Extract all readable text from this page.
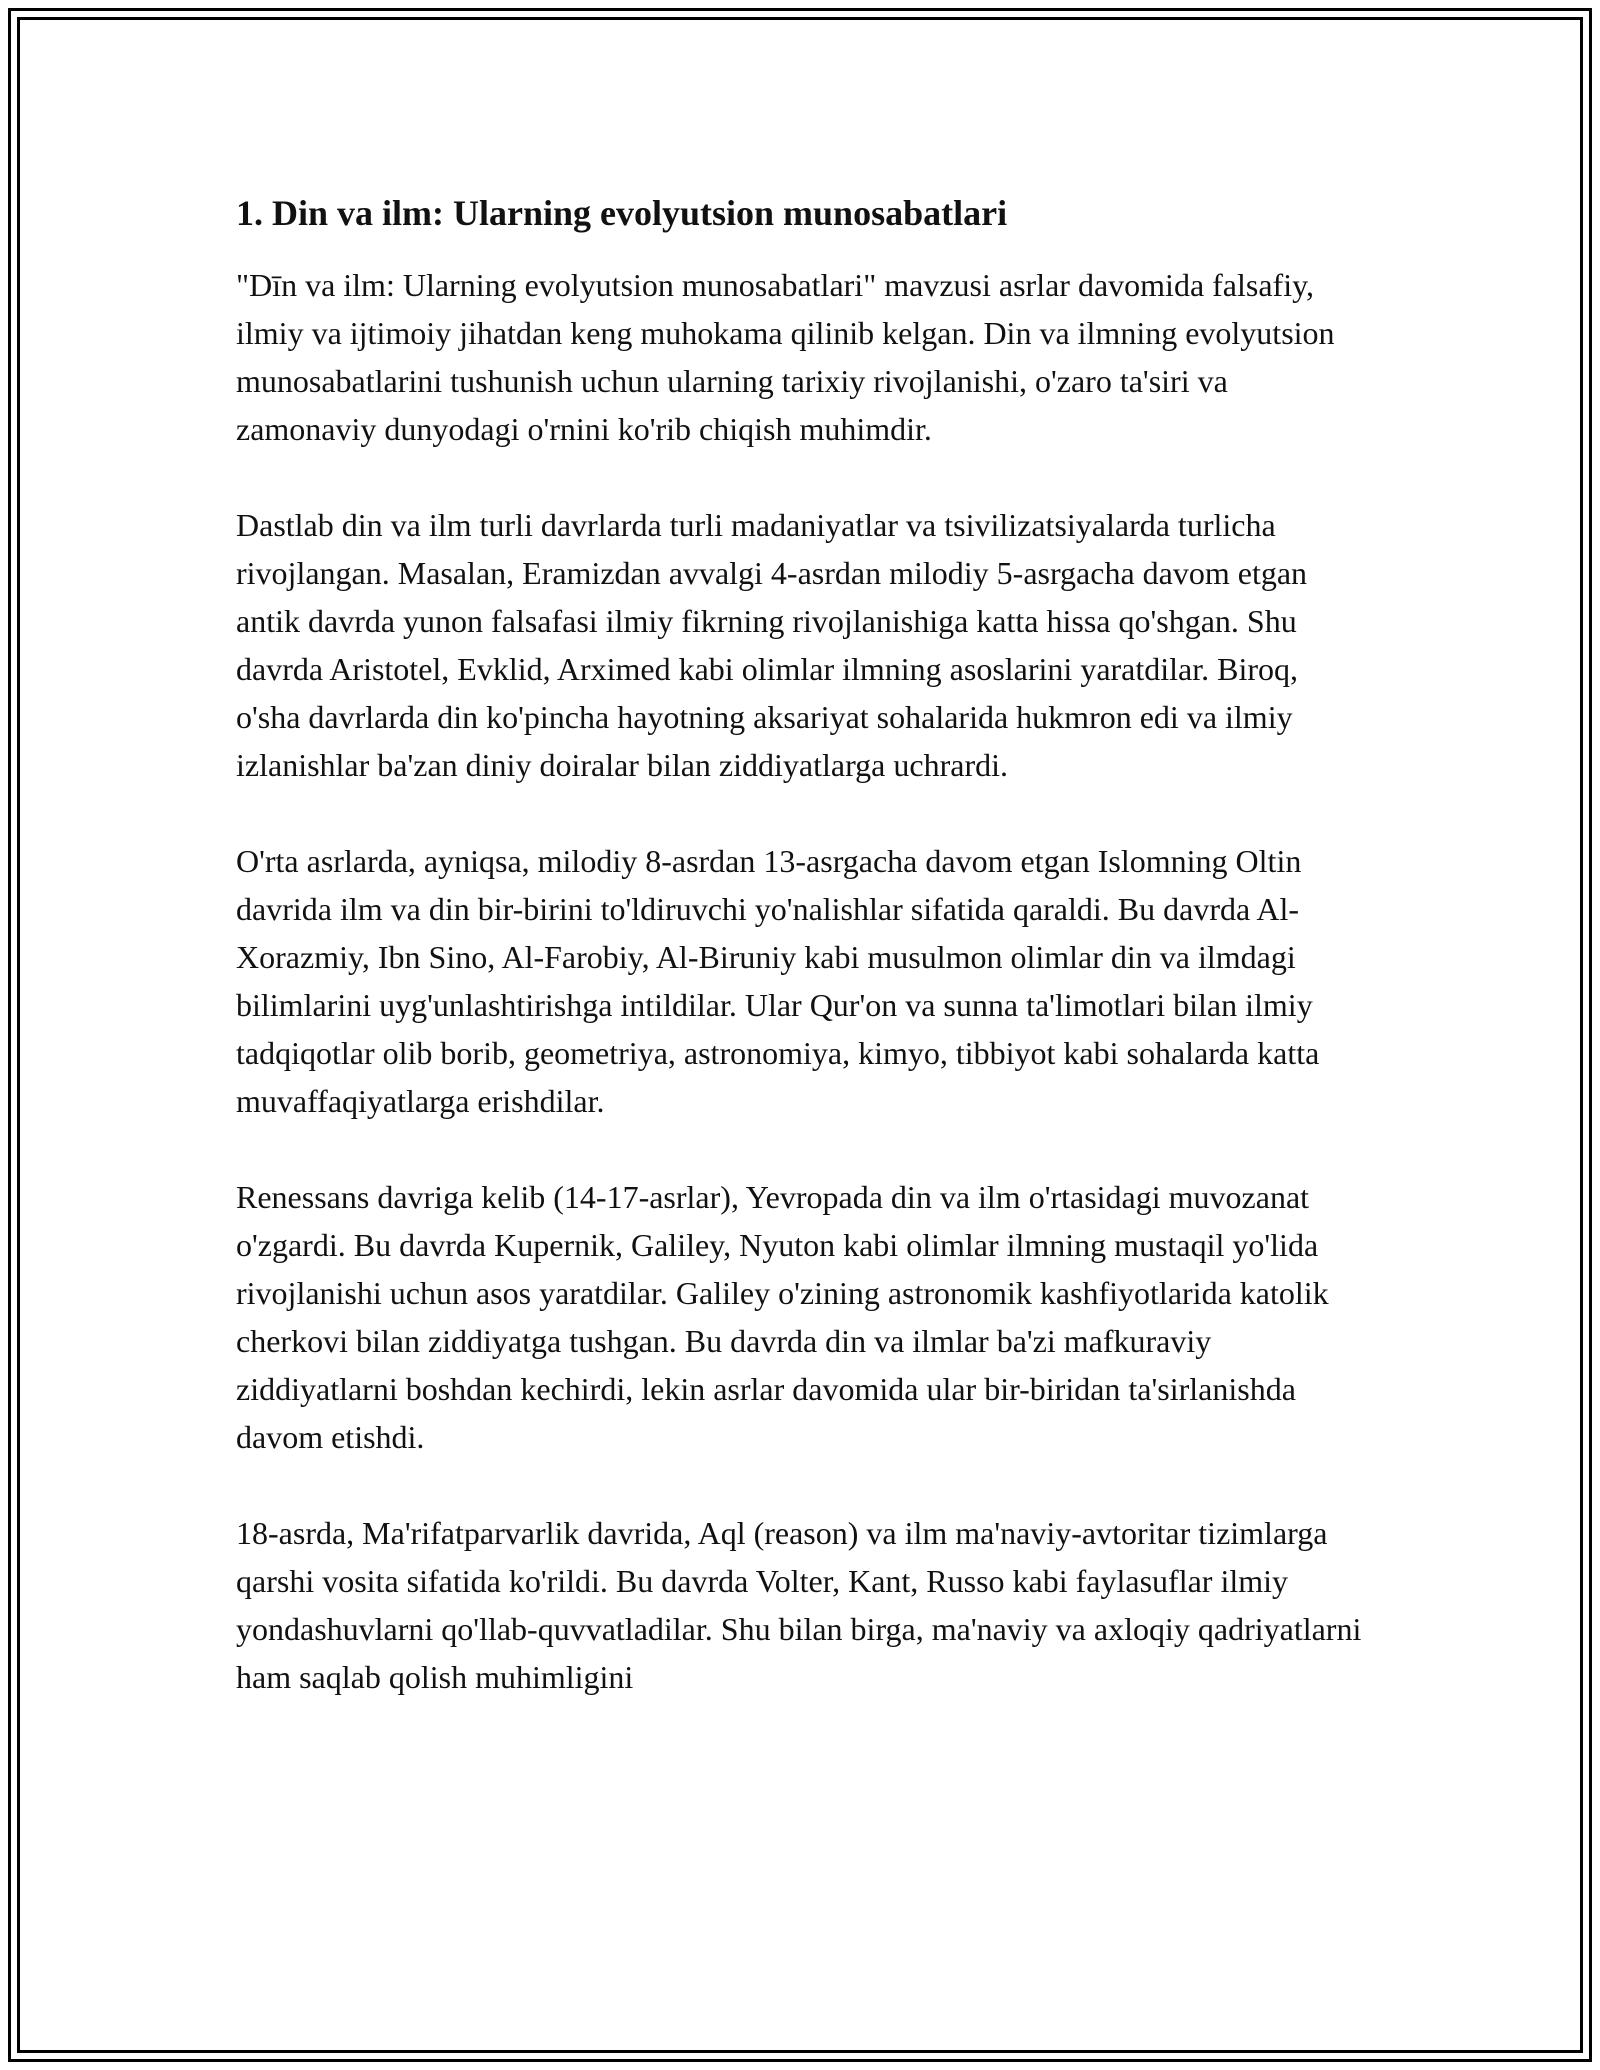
1. Din va ilm: Ularning evolyutsion munosabatlari

"Dīn va ilm: Ularning evolyutsion munosabatlari" mavzusi asrlar davomida falsafiy, ilmiy va ijtimoiy jihatdan keng muhokama qilinib kelgan. Din va ilmning evolyutsion munosabatlarini tushunish uchun ularning tarixiy rivojlanishi, o'zaro ta'siri va zamonaviy dunyodagi o'rnini ko'rib chiqish muhimdir.

Dastlab din va ilm turli davrlarda turli madaniyatlar va tsivilizatsiyalarda turlicha rivojlangan. Masalan, Eramizdan avvalgi 4-asrdan milodiy 5-asrgacha davom etgan antik davrda yunon falsafasi ilmiy fikrning rivojlanishiga katta hissa qo'shgan. Shu davrda Aristotel, Evklid, Arximed kabi olimlar ilmning asoslarini yaratdilar. Biroq, o'sha davrlarda din ko'pincha hayotning aksariyat sohalarida hukmron edi va ilmiy izlanishlar ba'zan diniy doiralar bilan ziddiyatlarga uchrardi.

O'rta asrlarda, ayniqsa, milodiy 8-asrdan 13-asrgacha davom etgan Islomning Oltin davrida ilm va din bir-birini to'ldiruvchi yo'nalishlar sifatida qaraldi. Bu davrda Al-Xorazmiy, Ibn Sino, Al-Farobiy, Al-Biruniy kabi musulmon olimlar din va ilmdagi bilimlarini uyg'unlashtirishga intildilar. Ular Qur'on va sunna ta'limotlari bilan ilmiy tadqiqotlar olib borib, geometriya, astronomiya, kimyo, tibbiyot kabi sohalarda katta muvaffaqiyatlarga erishdilar.

Renessans davriga kelib (14-17-asrlar), Yevropada din va ilm o'rtasidagi muvozanat o'zgardi. Bu davrda Kupernik, Galiley, Nyuton kabi olimlar ilmning mustaqil yo'lida rivojlanishi uchun asos yaratdilar. Galiley o'zining astronomik kashfiyotlarida katolik cherkovi bilan ziddiyatga tushgan. Bu davrda din va ilmlar ba'zi mafkuraviy ziddiyatlarni boshdan kechirdi, lekin asrlar davomida ular bir-biridan ta'sirlanishda davom etishdi.

18-asrda, Ma'rifatparvarlik davrida, Aql (reason) va ilm ma'naviy-avtoritar tizimlarga qarshi vosita sifatida ko'rildi. Bu davrda Volter, Kant, Russo kabi faylasuflar ilmiy yondashuvlarni qo'llab-quvvatladilar. Shu bilan birga, ma'naviy va axloqiy qadriyatlarni ham saqlab qolish muhimligini
